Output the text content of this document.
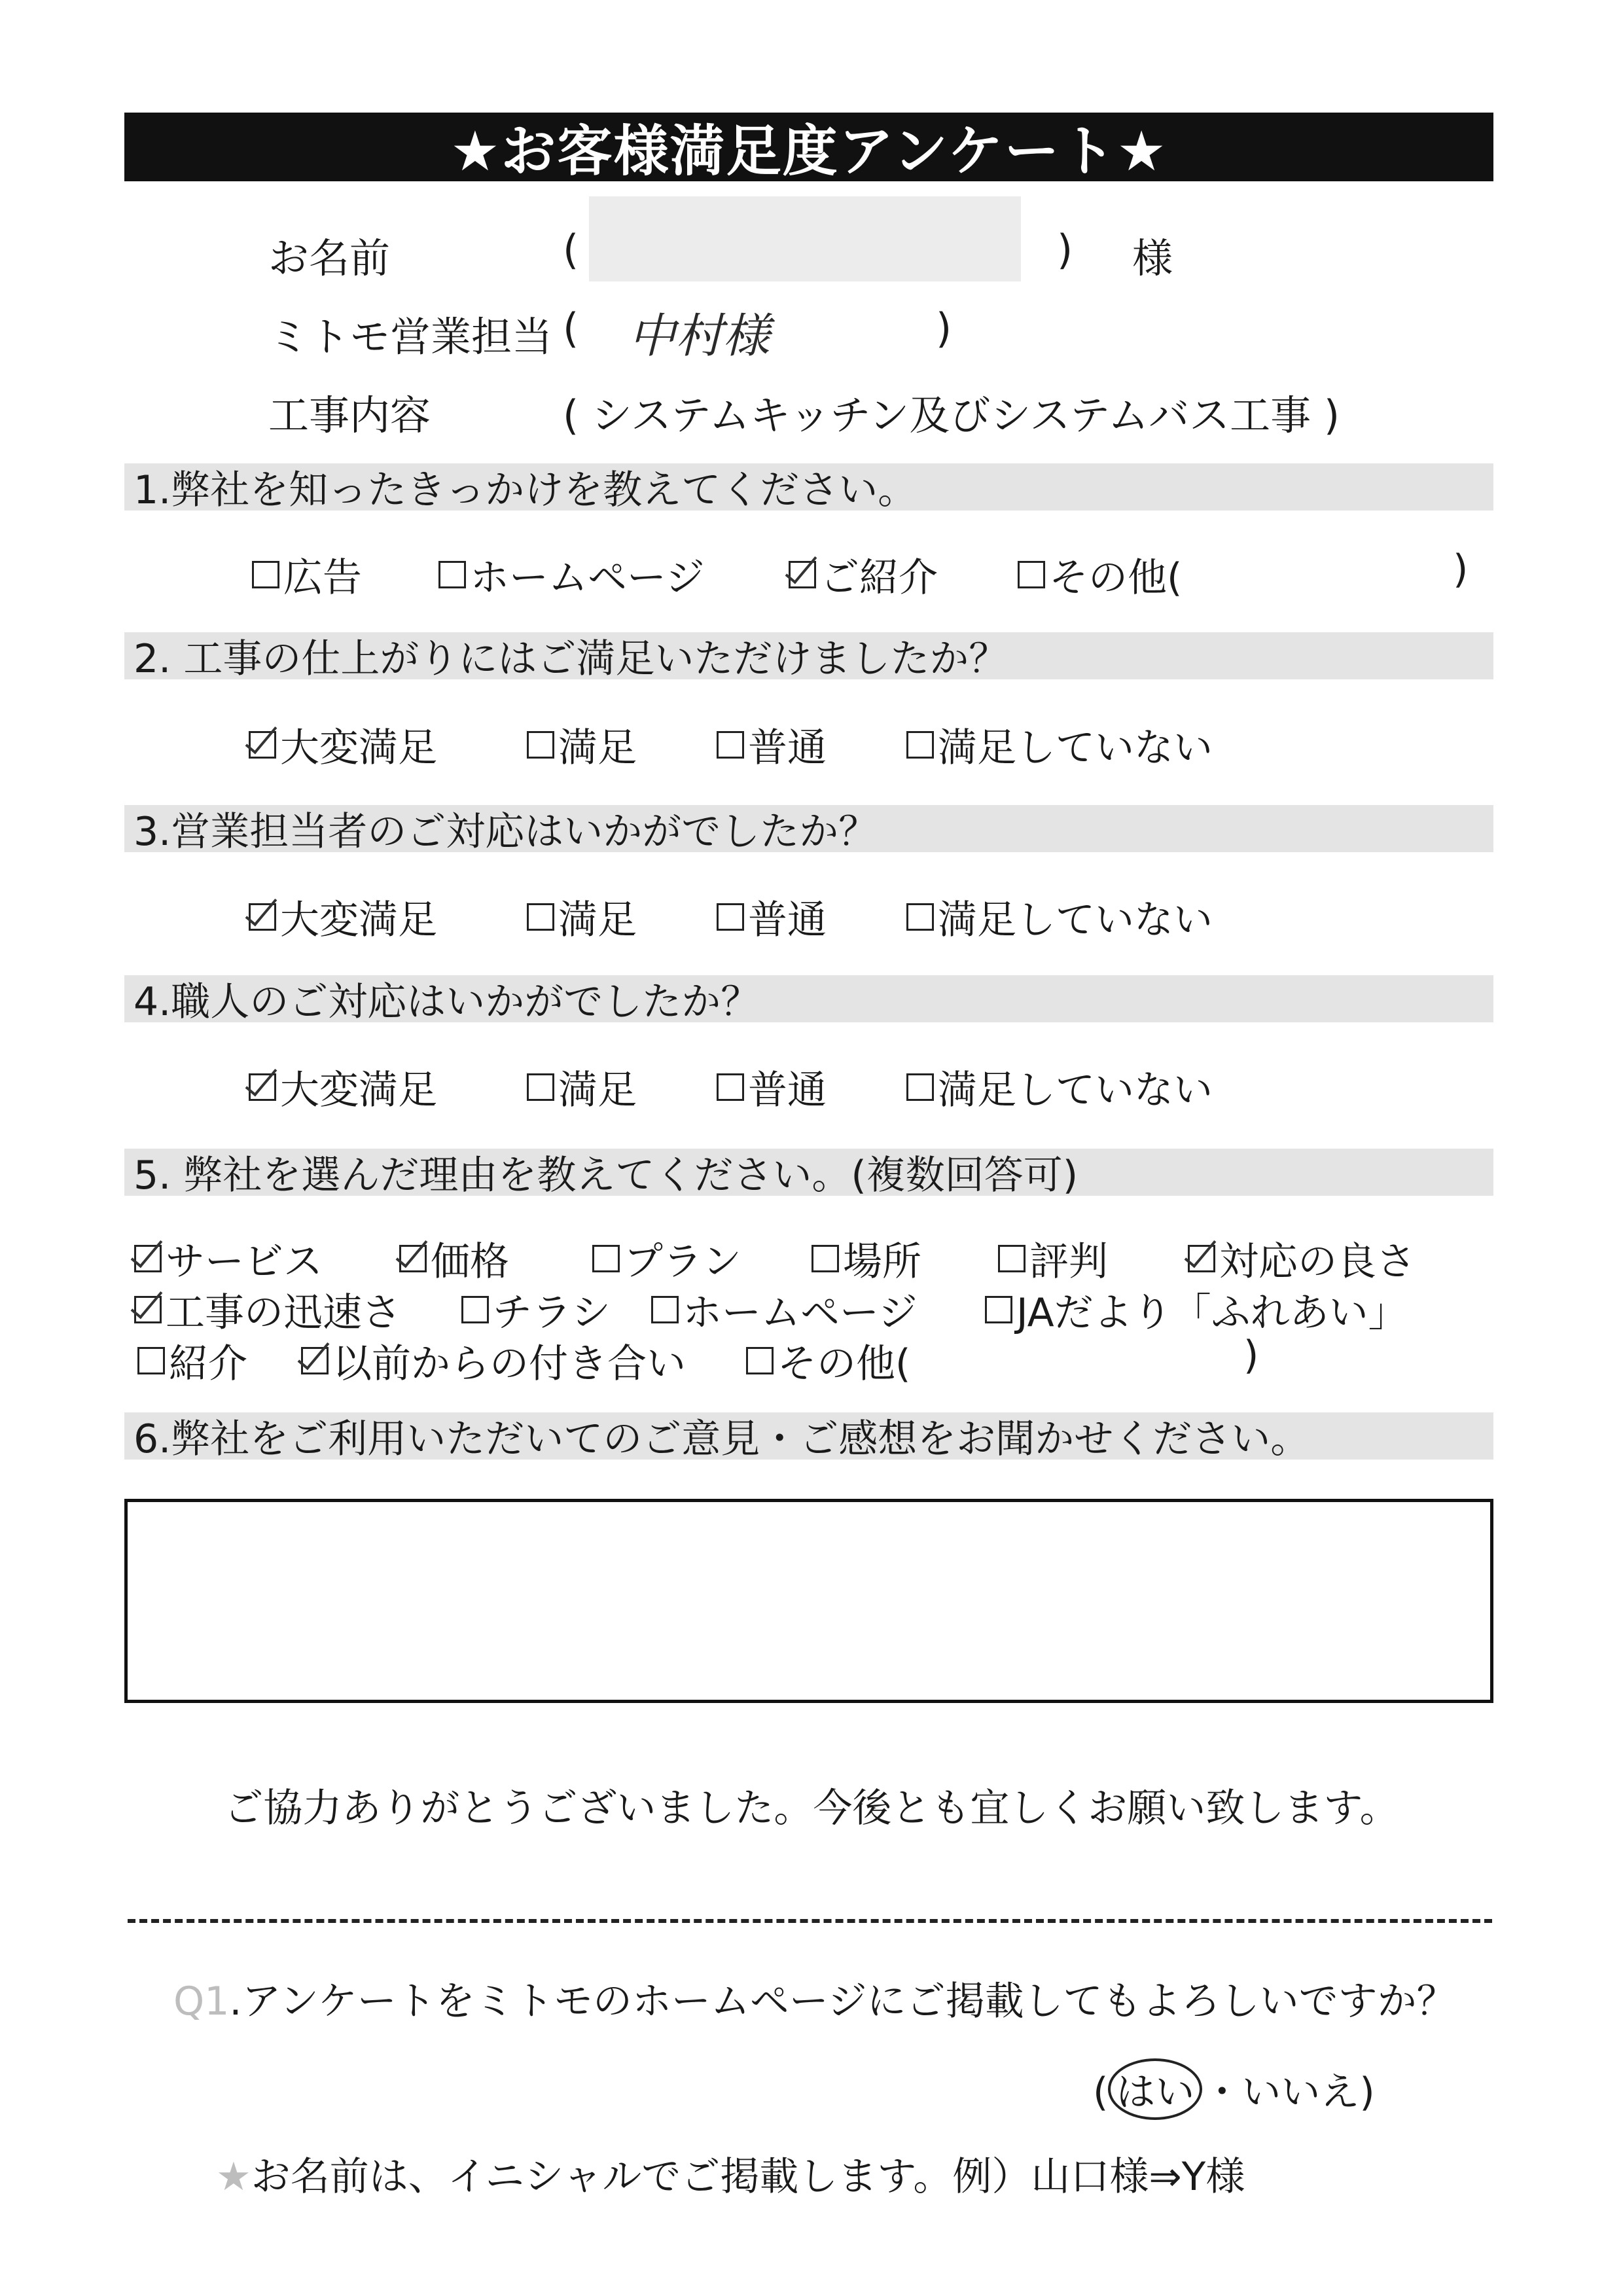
★お客様満足度アンケート★
お名前	(	) 様
ミトモ営業担当 ( 中村様	)
工事内容	( システムキッチン及びシステムバス工事 )
1.弊社を知ったきっかけを教えてください。
広告	ホームページ	ご紹介	その他(	)
2. 工事の仕上がりにはご満足いただけましたか？
大変満足	満足	普通	満足していない
3.営業担当者のご対応はいかがでしたか？
大変満足	満足	普通	満足していない
4.職人のご対応はいかがでしたか？
大変満足	満足	普通	満足していない
5. 弊社を選んだ理由を教えてください。(複数回答可)
サービス	価格	プラン	場所	評判	対応の良さ
工事の迅速さ チラシ ホームページ	JAだより「ふれあい」
紹介 以前からの付き合い その他(	)
6.弊社をご利用いただいてのご意見・ご感想をお聞かせください。
ご協力ありがとうございました。今後とも宜しくお願い致します。
Q1.アンケートをミトモのホームページにご掲載してもよろしいですか？
( はい ・いいえ)
★お名前は、イニシャルでご掲載します。例）山口様⇒Y様
